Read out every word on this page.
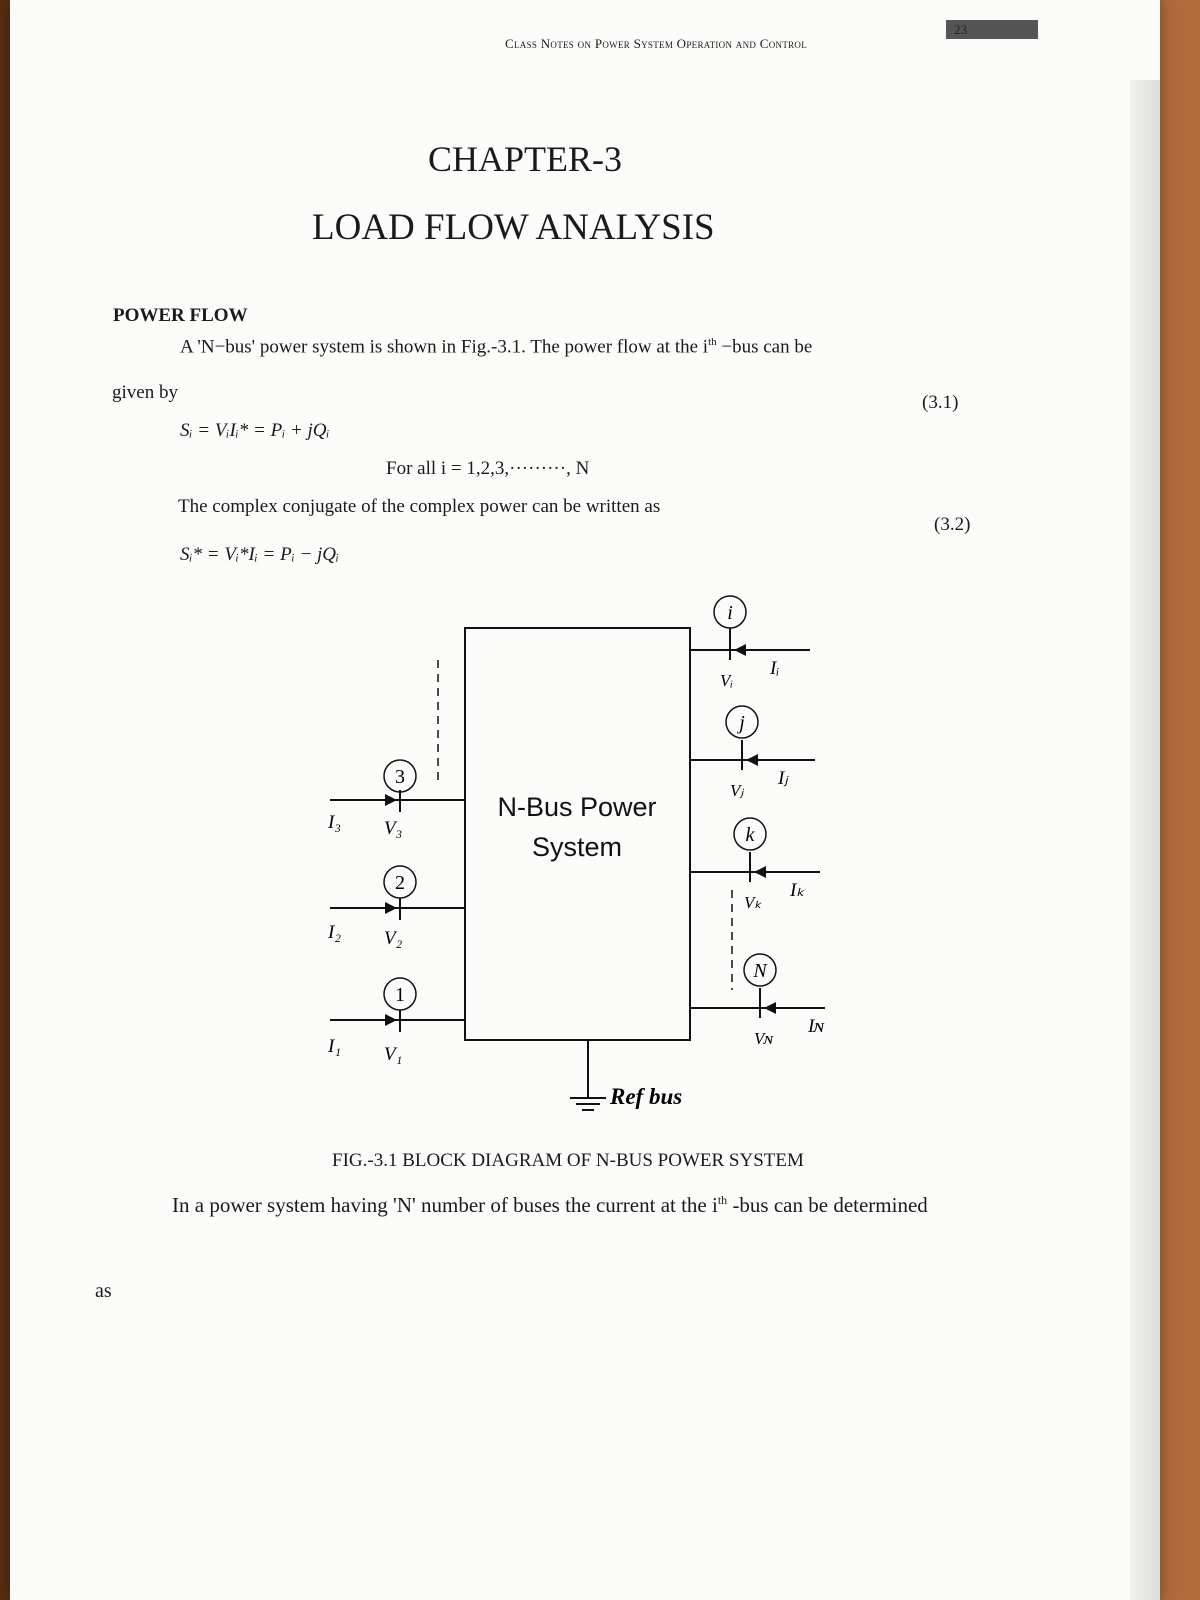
Class Notes on Power System Operation and Control
23
CHAPTER-3
LOAD FLOW ANALYSIS
POWER FLOW
A 'N−bus' power system is shown in Fig.-3.1. The power flow at the $i^{th} -bus$ can be
given by	(3.1)
Sᵢ = VᵢIᵢ* = Pᵢ + jQᵢ
For all i = 1,2,3,·········, N
The complex conjugate of the complex power can be written as
(3.2)
Sᵢ* = Vᵢ*Iᵢ = Pᵢ − jQᵢ
N-Bus Power
System
3
I₃ V₃
2
I₂ V₂
1
I₁ V₁
i
Iᵢ
Vᵢ
j
Iⱼ
Vⱼ
k
Iₖ
Vₖ
N
Iɴ
Vɴ
Ref bus
FIG.-3.1 BLOCK DIAGRAM OF N-BUS POWER SYSTEM
In a power system having 'N' number of buses the current at the $i^{th}$ -bus can be determined
as
